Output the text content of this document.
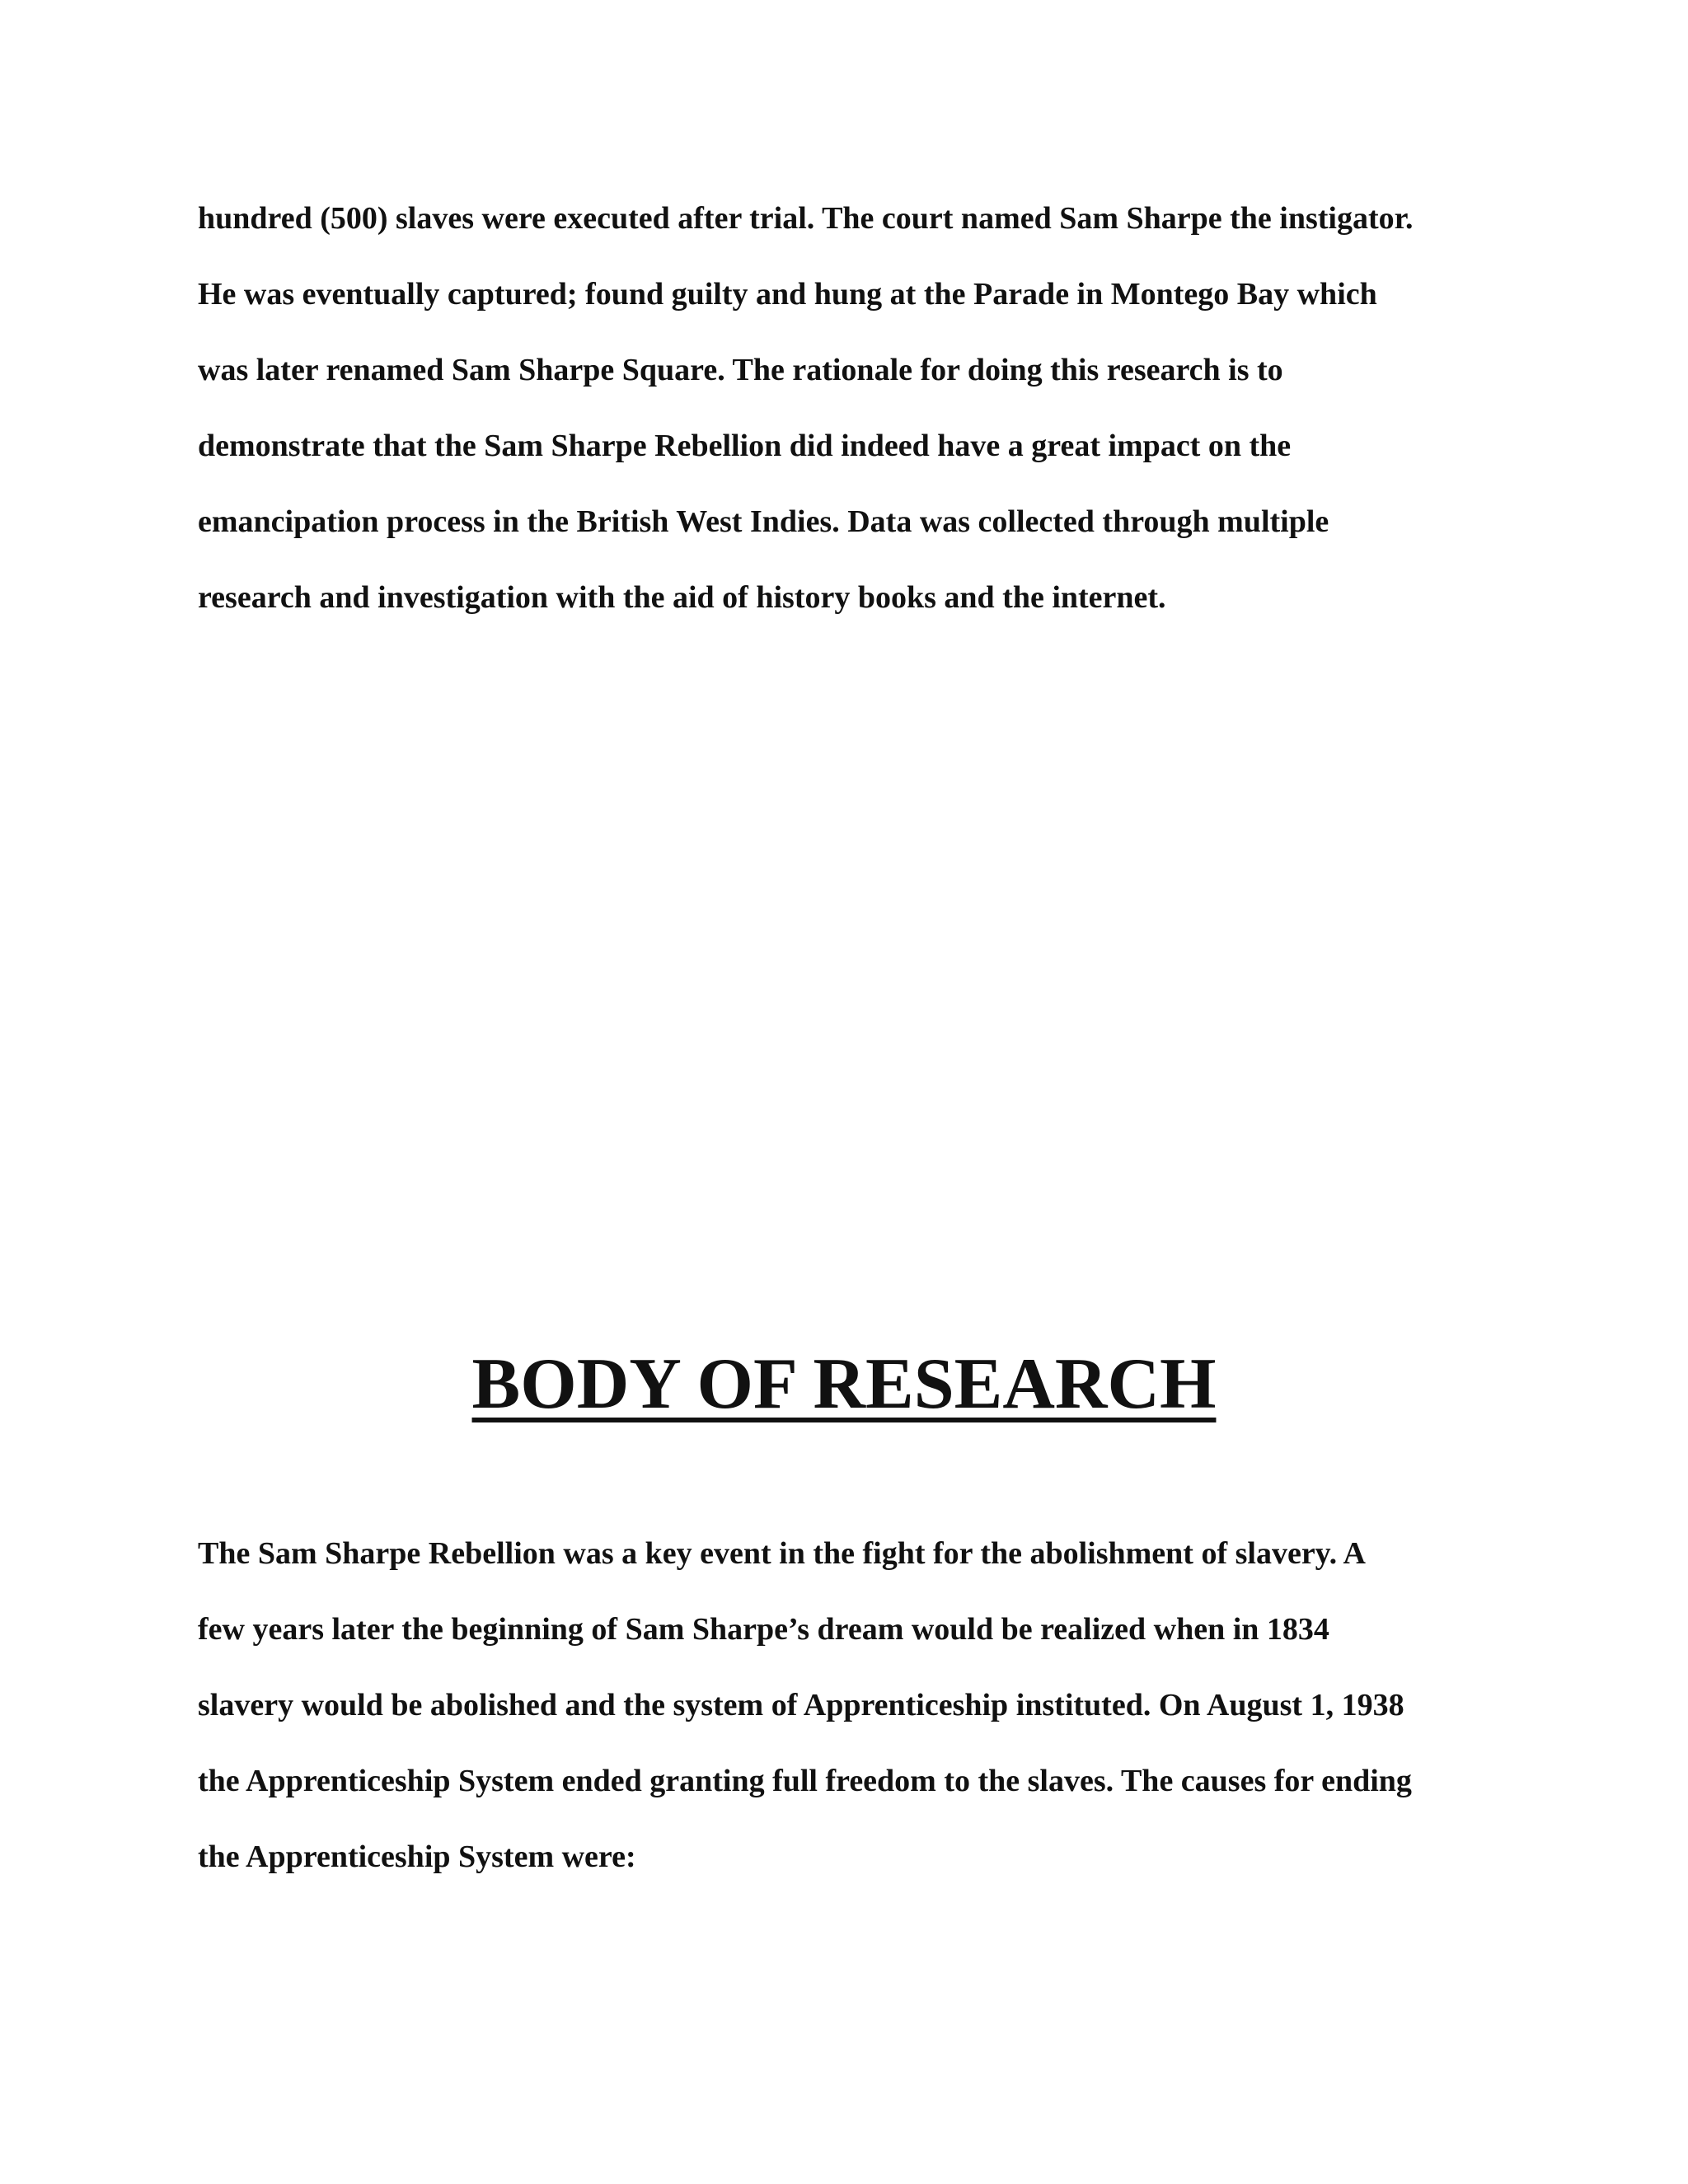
hundred (500) slaves were executed after trial. The court named Sam Sharpe the instigator.
He was eventually captured; found guilty and hung at the Parade in Montego Bay which
was later renamed Sam Sharpe Square. The rationale for doing this research is to
demonstrate that the Sam Sharpe Rebellion did indeed have a great impact on the
emancipation process in the British West Indies. Data was collected through multiple
research and investigation with the aid of history books and the internet.
BODY OF RESEARCH
The Sam Sharpe Rebellion was a key event in the fight for the abolishment of slavery. A
few years later the beginning of Sam Sharpe’s dream would be realized when in 1834
slavery would be abolished and the system of Apprenticeship instituted. On August 1, 1938
the Apprenticeship System ended granting full freedom to the slaves. The causes for ending
the Apprenticeship System were:
